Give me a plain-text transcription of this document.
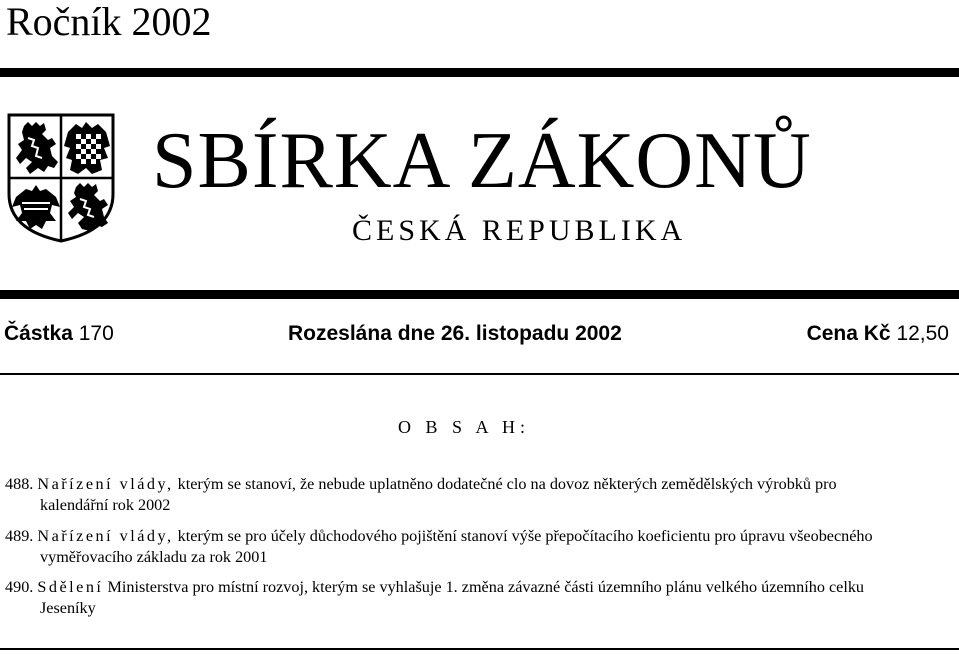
Ročník 2002
SBÍRKA ZÁKONŮ
ČESKÁ REPUBLIKA
Částka 170	Rozeslána dne 26. listopadu 2002	Cena Kč 12,50
O B S A H:
488. Nařízení vlády, kterým se stanoví, že nebude uplatněno dodatečné clo na dovoz některých zemědělských výrobků pro
kalendářní rok 2002
489. Nařízení vlády, kterým se pro účely důchodového pojištění stanoví výše přepočítacího koeficientu pro úpravu všeobecného
vyměřovacího základu za rok 2001
490. Sdělení Ministerstva pro místní rozvoj, kterým se vyhlašuje 1. změna závazné části územního plánu velkého územního celku
Jeseníky
